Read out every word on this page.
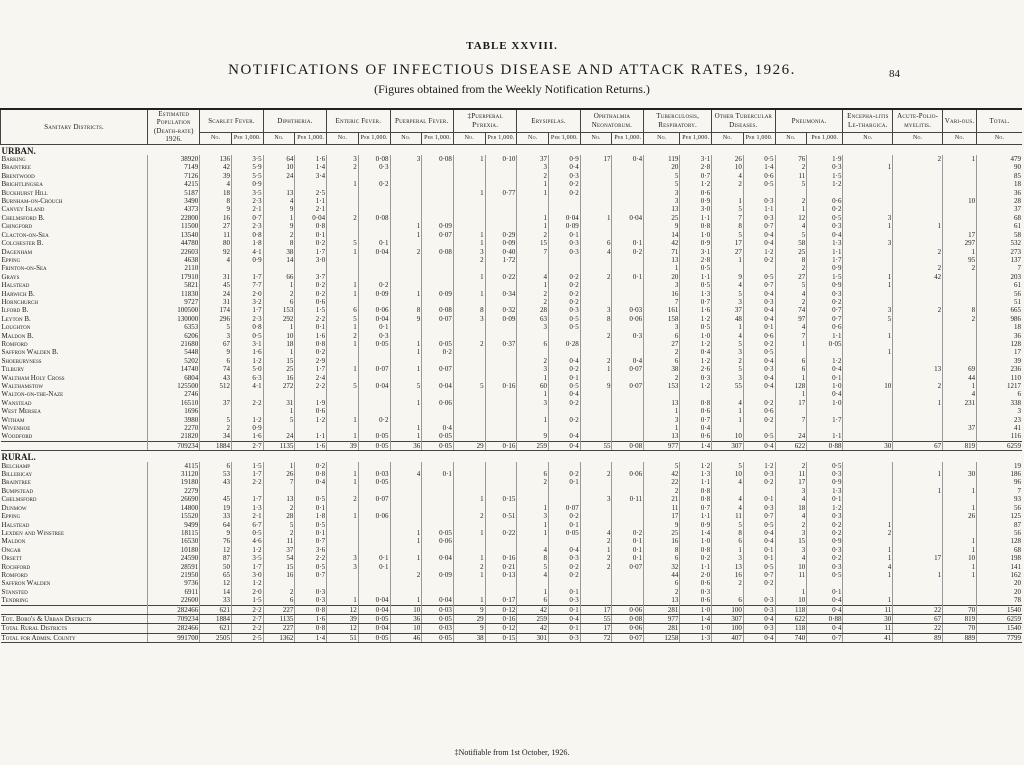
TABLE XXVIII.
NOTIFICATIONS OF INFECTIOUS DISEASE AND ATTACK RATES, 1926.	84
(Figures obtained from the Weekly Notification Returns.)
Sanitary Districts.	Estimated Population (Death-rate) 1926.	Scarlet Fever.		Diphtheria.		Enteric Fever.		Puerperal Fever.		‡Puerperal Pyrexia.		Erysipelas.		Ophthalmia Neonatorum.		Tuberculosis, Respiratory.		Other Tubercular Diseases.		Pneumonia.		Encepha-litis Le-thargica.	Acute-Polio-myelitis.	Vari-ous.	Total.
		No.	Per 1,000.	No.	Per 1,000.	No.	Per 1,000.	No.	Per 1,000.	No.	Per 1,000.	No.	Per 1,000.	No.	Per 1,000.	No.	Per 1,000.	No.	Per 1,000.	No.	Per 1,000.	No.	No.	No.	No.
URBAN.																									
Barking	38920	136	3·5	64	1·6	3	0·08	3	0·08	1	0·10	37	0·9	17	0·4	119	3·1	26	0·5	76	1·9		2	1	479
Braintree	7149	42	5·9	10	1·4	2	0·3					3	0·4			20	2·8	10	1·4	2	0·3	1			90
Brentwood	7126	39	5·5	24	3·4							2	0·3			5	0·7	4	0·6	11	1·5				85
Brightlingsea	4215	4	0·9			1	0·2					1	0·2			5	1·2	2	0·5	5	1·2				18
Buckhurst Hill	5187	18	3·5	13	2·5					1	0·77	1	0·2			3	0·6								36
Burnham-on-Crouch	3490	8	2·3	4	1·1											3	0·9	1	0·3	2	0·6			10	28
Canvey Island	4373	9	2·1	9	2·1											13	3·0	5	1·1	1	0·2				37
Chelmsford B.	22800	16	0·7	1	0·04	2	0·08					1	0·04	1	0·04	25	1·1	7	0·3	12	0·5	3			68
Chingford	11500	27	2·3	9	0·8			1	0·09			1	0·09			9	0·8	8	0·7	4	0·3	1	1		61
Clacton-on-Sea	13540	11	0·8	2	0·1			1	0·07	1	0·29	2	0·1			14	1·0	5	0·4	5	0·4			17	58
Colchester B.	44780	80	1·8	8	0·2	5	0·1			1	0·09	15	0·3	6	0·1	42	0·9	17	0·4	58	1·3	3		297	532
Dagenham	22603	92	4·1	38	1·7	1	0·04	2	0·08	3	0·40	7	0·3	4	0·2	71	3·1	27	1·2	25	1·1		2	1	273
Epping	4638	4	0·9	14	3·0					2	1·72					13	2·8	1	0·2	8	1·7			95	137
Frinton-on-Sea	2110															1	0·5			2	0·9		2	2	7
Grays	17910	31	1·7	66	3·7					1	0·22	4	0·2	2	0·1	20	1·1	9	0·5	27	1·5	1	42		203
Halstead	5821	45	7·7	1	0·2	1	0·2					1	0·2			3	0·5	4	0·7	5	0·9	1			61
Harwich B.	11830	24	2·0	2	0·2	1	0·09	1	0·09	1	0·34	2	0·2			16	1·3	5	0·4	4	0·3				56
Hornchurch	9727	31	3·2	6	0·6							2	0·2			7	0·7	3	0·3	2	0·2				51
Ilford B.	100500	174	1·7	153	1·5	6	0·06	8	0·08	8	0·32	28	0·3	3	0·03	161	1·6	37	0·4	74	0·7	3	2	8	665
Leyton B.	130000	296	2·3	292	2·2	5	0·04	9	0·07	3	0·09	63	0·5	8	0·06	158	1·2	48	0·4	97	0·7	5		2	986
Loughton	6353	5	0·8	1	0·1	1	0·1					3	0·5			3	0·5	1	0·1	4	0·6				18
Maldon B.	6206	3	0·5	10	1·6	2	0·3							2	0·3	6	1·0	4	0·6	7	1·1	1			36
Romford	21680	67	3·1	18	0·8	1	0·05	1	0·05	2	0·37	6	0·28			27	1·2	5	0·2	1	0·05				128
Saffron Walden B.	5448	9	1·6	1	0·2			1	0·2							2	0·4	3	0·5			1			17
Shoeburyness	5202	6	1·2	15	2·9							2	0·4	2	0·4	6	1·2	2	0·4	6	1·2				39
Tilbury	14740	74	5·0	25	1·7	1	0·07	1	0·07			3	0·2	1	0·07	38	2·6	5	0·3	6	0·4		13	69	236
Waltham Holy Cross	6804	43	6·3	16	2·4							1	0·1			2	0·3	3	0·4	1	0·1			44	110
Walthamstow	125500	512	4·1	272	2·2	5	0·04	5	0·04	5	0·16	60	0·5	9	0·07	153	1·2	55	0·4	128	1·0	10	2	1	1217
Walton-on-the-Naze	2746											1	0·4							1	0·4			4	6
Wanstead	16510	37	2·2	31	1·9			1	0·06			3	0·2			13	0·8	4	0·2	17	1·0		1	231	338
West Mersea	1696			1	0·6											1	0·6	1	0·6						3
Witham	3980	5	1·2	5	1·2	1	0·2					1	0·2			3	0·7	1	0·2	7	1·7				23
Wivenhoe	2270	2	0·9					1	0·4							1	0·4							37	41
Woodford	21820	34	1·6	24	1·1	1	0·05	1	0·05			9	0·4			13	0·6	10	0·5	24	1·1				116
	709234	1884	2·7	1135	1·6	39	0·05	36	0·05	29	0·16	259	0·4	55	0·08	977	1·4	307	0·4	622	0·88	30	67	819	6259
RURAL.																									
Belchamp	4115	6	1·5	1	0·2											5	1·2	5	1·2	2	0·5				19
Billericay	31120	53	1·7	26	0·8	1	0·03	4	0·1			6	0·2	2	0·06	42	1·3	10	0·3	11	0·3		1	30	186
Braintree	19180	43	2·2	7	0·4	1	0·05					2	0·1			22	1·1	4	0·2	17	0·9				96
Bumpstead	2279															2	0·8			3	1·3		1	1	7
Chelmsford	26690	45	1·7	13	0·5	2	0·07			1	0·15			3	0·11	21	0·8	4	0·1	4	0·1				93
Dunmow	14800	19	1·3	2	0·1							1	0·07			11	0·7	4	0·3	18	1·2			1	56
Epping	15520	33	2·1	28	1·8	1	0·06			2	0·51	3	0·2			17	1·1	11	0·7	4	0·3			26	125
Halstead	9499	64	6·7	5	0·5							1	0·1			9	0·9	5	0·5	2	0·2	1			87
Lexden and Winstree	18115	9	0·5	2	0·1			1	0·05	1	0·22	1	0·05	4	0·2	25	1·4	8	0·4	3	0·2	2			56
Maldon	16530	76	4·6	11	0·7			1	0·06					2	0·1	16	1·0	6	0·4	15	0·9			1	128
Ongar	10180	12	1·2	37	3·6							4	0·4	1	0·1	8	0·8	1	0·1	3	0·3	1		1	68
Orsett	24590	87	3·5	54	2·2	3	0·1	1	0·04	1	0·16	8	0·3	2	0·1	6	0·2	3	0·1	4	0·2	1	17	10	198
Rochford	28591	50	1·7	15	0·5	3	0·1			2	0·21	5	0·2	2	0·07	32	1·1	13	0·5	10	0·3	4		1	141
Romford	21950	65	3·0	16	0·7			2	0·09	1	0·13	4	0·2			44	2·0	16	0·7	11	0·5	1	1	1	162
Saffron Walden	9736	12	1·2													6	0·6	2	0·2						20
Stansted	6911	14	2·0	2	0·3							1	0·1			2	0·3			1	0·1				20
Tendring	22600	33	1·5	6	0·3	1	0·04	1	0·04	1	0·17	6	0·3			13	0·6	6	0·3	10	0·4	1			78
	282466	621	2·2	227	0·8	12	0·04	10	0·03	9	0·12	42	0·1	17	0·06	281	1·0	100	0·3	118	0·4	11	22	70	1540
Tot. Boro's & Urban Districts	709234	1884	2·7	1135	1·6	39	0·05	36	0·05	29	0·16	259	0·4	55	0·08	977	1·4	307	0·4	622	0·88	30	67	819	6259
Total Rural Districts	282466	621	2·2	227	0·8	12	0·04	10	0·03	9	0·12	42	0·1	17	0·06	281	1·0	100	0·3	118	0·4	11	22	70	1540
Total for Admin. County	991700	2505	2·5	1362	1·4	51	0·05	46	0·05	38	0·15	301	0·3	72	0·07	1258	1·3	407	0·4	740	0·7	41	89	889	7799
‡Notifiable from 1st October, 1926.
